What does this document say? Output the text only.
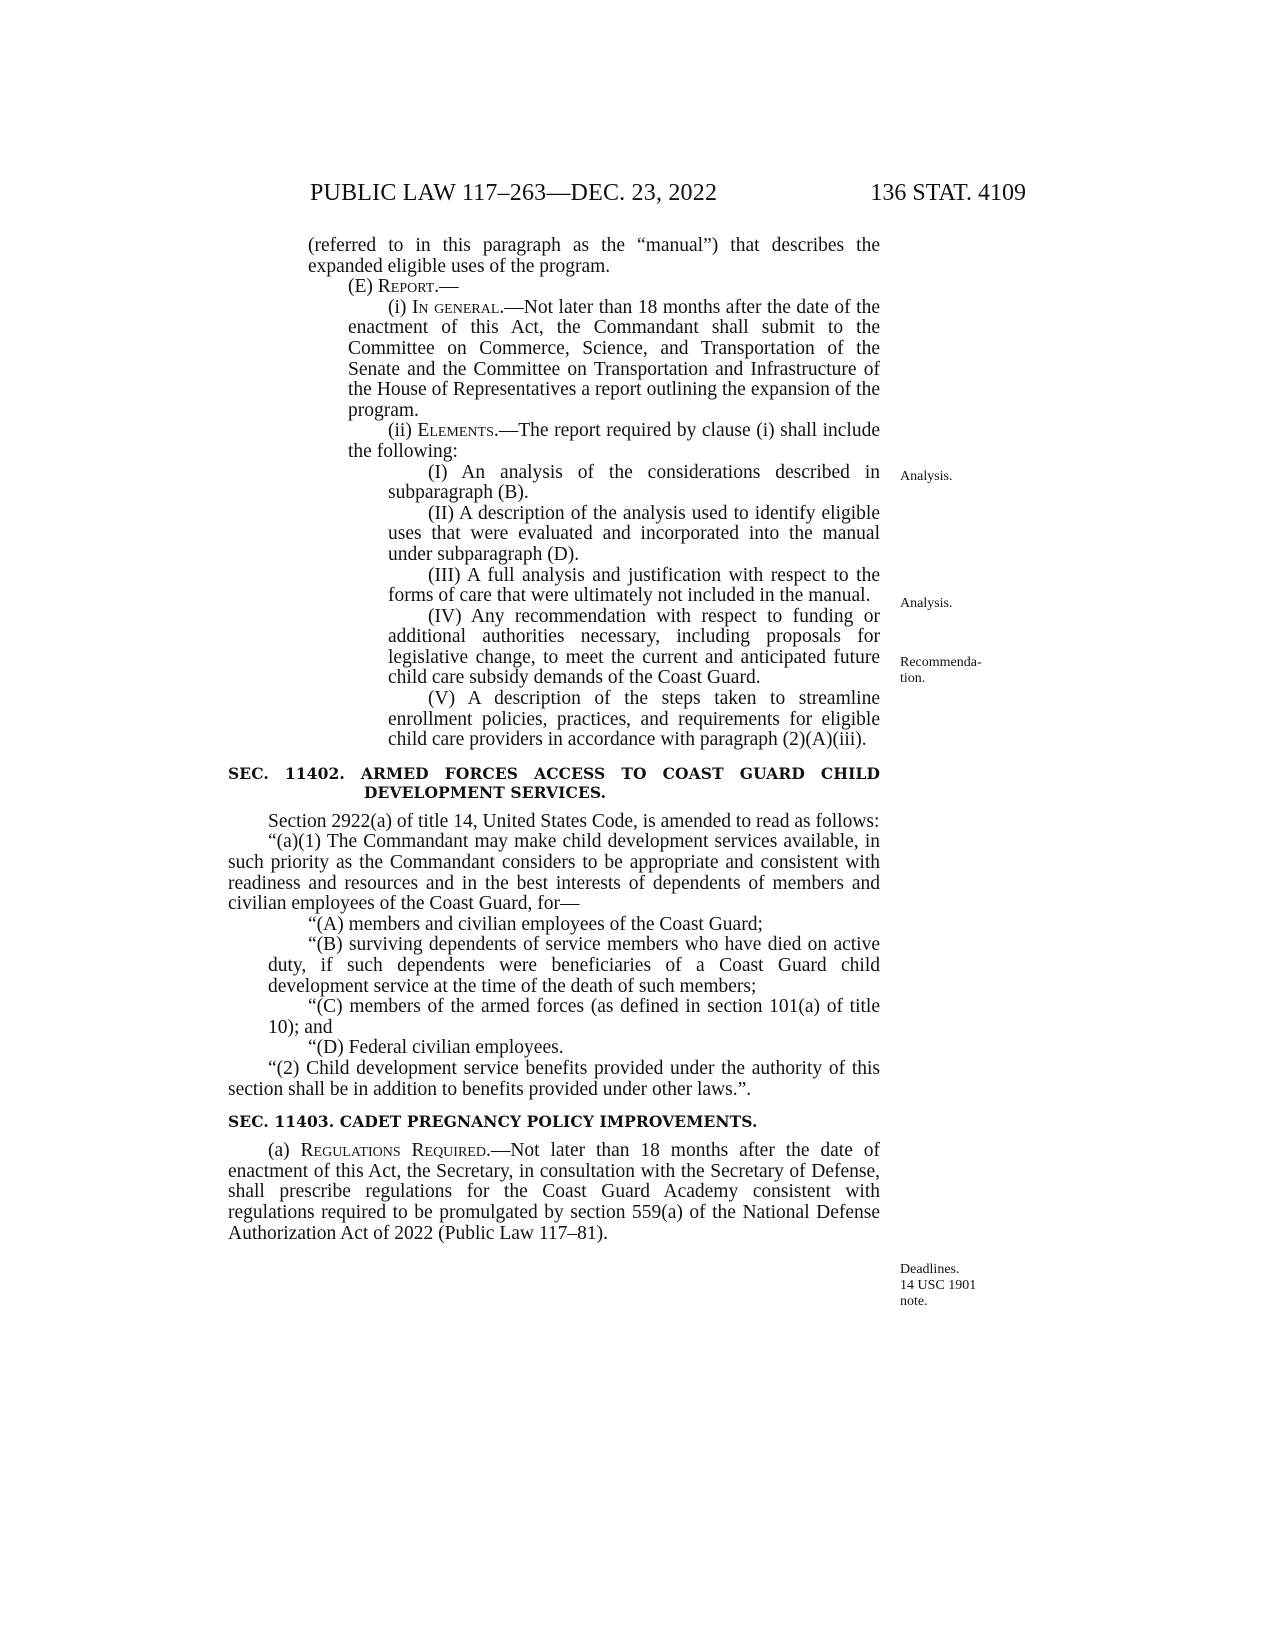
PUBLIC LAW 117–263—DEC. 23, 2022	136 STAT. 4109

(referred to in this paragraph as the “manual”) that describes the expanded eligible uses of the program.

(E) Report.—

(i) In general.—Not later than 18 months after the date of the enactment of this Act, the Commandant shall submit to the Committee on Commerce, Science, and Transportation of the Senate and the Committee on Transportation and Infrastructure of the House of Representatives a report outlining the expansion of the program.

(ii) Elements.—The report required by clause (i) shall include the following:

(I) An analysis of the considerations described in subparagraph (B).

(II) A description of the analysis used to identify eligible uses that were evaluated and incorporated into the manual under subparagraph (D).

(III) A full analysis and justification with respect to the forms of care that were ultimately not included in the manual.

(IV) Any recommendation with respect to funding or additional authorities necessary, including proposals for legislative change, to meet the current and anticipated future child care subsidy demands of the Coast Guard.

(V) A description of the steps taken to streamline enrollment policies, practices, and requirements for eligible child care providers in accordance with paragraph (2)(A)(iii).

SEC. 11402. ARMED FORCES ACCESS TO COAST GUARD CHILD DEVELOPMENT SERVICES.

Section 2922(a) of title 14, United States Code, is amended to read as follows:

“(a)(1) The Commandant may make child development services available, in such priority as the Commandant considers to be appropriate and consistent with readiness and resources and in the best interests of dependents of members and civilian employees of the Coast Guard, for—

“(A) members and civilian employees of the Coast Guard;

“(B) surviving dependents of service members who have died on active duty, if such dependents were beneficiaries of a Coast Guard child development service at the time of the death of such members;

“(C) members of the armed forces (as defined in section 101(a) of title 10); and

“(D) Federal civilian employees.

“(2) Child development service benefits provided under the authority of this section shall be in addition to benefits provided under other laws.”.

SEC. 11403. CADET PREGNANCY POLICY IMPROVEMENTS.

(a) Regulations Required.—Not later than 18 months after the date of enactment of this Act, the Secretary, in consultation with the Secretary of Defense, shall prescribe regulations for the Coast Guard Academy consistent with regulations required to be promulgated by section 559(a) of the National Defense Authorization Act of 2022 (Public Law 117–81).

Analysis.
Analysis.
Recommenda-
tion.
Deadlines.
14 USC 1901
note.
